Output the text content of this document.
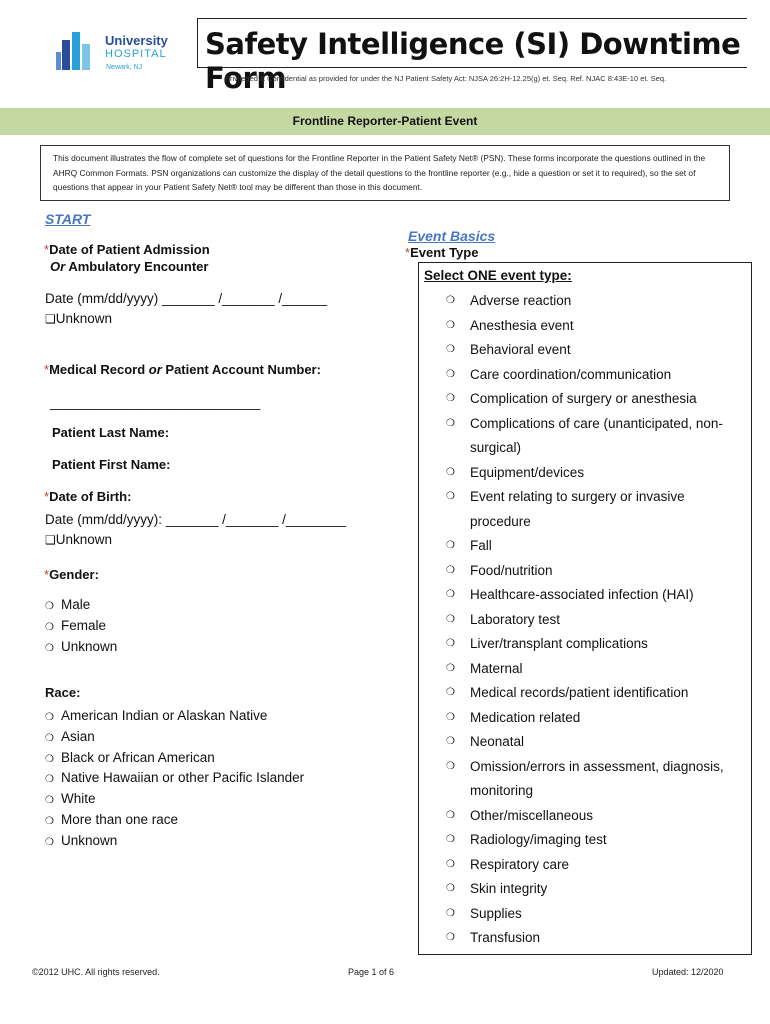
University
HOSPITAL
Newark, NJ
Safety Intelligence (SI) Downtime Form
Privileged & Confidential as provided for under the NJ Patient Safety Act: NJSA 26:2H-12.25(g) et. Seq. Ref. NJAC 8:43E-10 et. Seq.
Frontline Reporter-Patient Event
This document illustrates the flow of complete set of questions for the Frontline Reporter in the Patient Safety Net® (PSN). These forms incorporate the questions outlined in the AHRQ Common Formats. PSN organizations can customize the display of the detail questions to the frontline reporter (e.g., hide a question or set it to required), so the set of questions that appear in your Patient Safety Net® tool may be different than those in this document.
START
*Date of Patient Admission
Or Ambulatory Encounter
Date (mm/dd/yyyy) _______ /_______ /______
❑Unknown
*Medical Record or Patient Account Number:
____________________________
Patient Last Name:
Patient First Name:
*Date of Birth:
Date (mm/dd/yyyy): _______ /_______ /________
❑Unknown
*Gender:
❍ Male
❍ Female
❍ Unknown
Race:
❍ American Indian or Alaskan Native
❍ Asian
❍ Black or African American
❍ Native Hawaiian or other Pacific Islander
❍ White
❍ More than one race
❍ Unknown
Event Basics
*Event Type
Select ONE event type:
❍	Adverse reaction
❍	Anesthesia event
❍	Behavioral event
❍	Care coordination/communication
❍	Complication of surgery or anesthesia
❍	Complications of care (unanticipated, non-surgical)
❍	Equipment/devices
❍	Event relating to surgery or invasive procedure
❍	Fall
❍	Food/nutrition
❍	Healthcare-associated infection (HAI)
❍	Laboratory test
❍	Liver/transplant complications
❍	Maternal
❍	Medical records/patient identification
❍	Medication related
❍	Neonatal
❍	Omission/errors in assessment, diagnosis, monitoring
❍	Other/miscellaneous
❍	Radiology/imaging test
❍	Respiratory care
❍	Skin integrity
❍	Supplies
❍	Transfusion
©2012 UHC. All rights reserved.	Page 1 of 6	Updated: 12/2020
